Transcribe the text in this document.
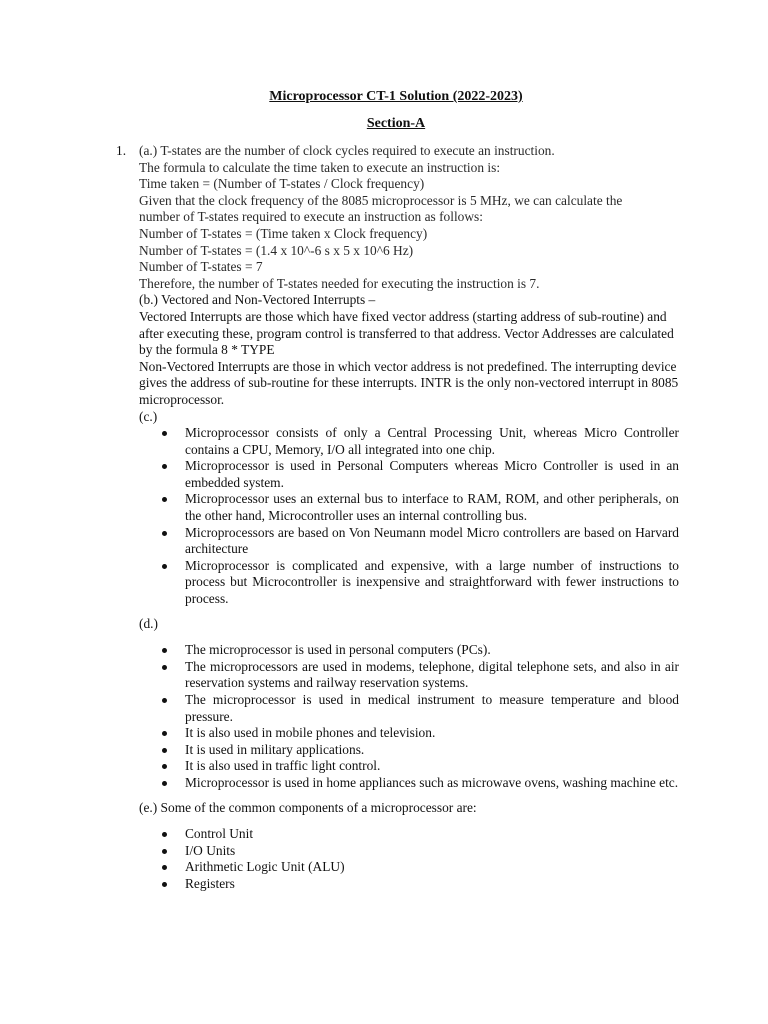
Microprocessor CT-1 Solution (2022-2023)
Section-A
1. (a.) T-states are the number of clock cycles required to execute an instruction.

The formula to calculate the time taken to execute an instruction is:

Time taken = (Number of T-states / Clock frequency)

Given that the clock frequency of the 8085 microprocessor is 5 MHz, we can calculate the

number of T-states required to execute an instruction as follows:

Number of T-states = (Time taken x Clock frequency)

Number of T-states = (1.4 x 10^-6 s x 5 x 10^6 Hz)

Number of T-states = 7

Therefore, the number of T-states needed for executing the instruction is 7.

(b.) Vectored and Non-Vectored Interrupts –

Vectored Interrupts are those which have fixed vector address (starting address of sub-routine) and after executing these, program control is transferred to that address. Vector Addresses are calculated by the formula 8 * TYPE

Non-Vectored Interrupts are those in which vector address is not predefined. The interrupting device gives the address of sub-routine for these interrupts. INTR is the only non-vectored interrupt in 8085 microprocessor.

(c.)

Microprocessor consists of only a Central Processing Unit, whereas Micro Controller contains a CPU, Memory, I/O all integrated into one chip.
Microprocessor is used in Personal Computers whereas Micro Controller is used in an embedded system.
Microprocessor uses an external bus to interface to RAM, ROM, and other peripherals, on the other hand, Microcontroller uses an internal controlling bus.
Microprocessors are based on Von Neumann model Micro controllers are based on Harvard architecture
Microprocessor is complicated and expensive, with a large number of instructions to process but Microcontroller is inexpensive and straightforward with fewer instructions to process.

(d.)

The microprocessor is used in personal computers (PCs).
The microprocessors are used in modems, telephone, digital telephone sets, and also in air reservation systems and railway reservation systems.
The microprocessor is used in medical instrument to measure temperature and blood pressure.
It is also used in mobile phones and television.
It is used in military applications.
It is also used in traffic light control.
Microprocessor is used in home appliances such as microwave ovens, washing machine etc.

(e.) Some of the common components of a microprocessor are:

Control Unit
I/O Units
Arithmetic Logic Unit (ALU)
Registers
